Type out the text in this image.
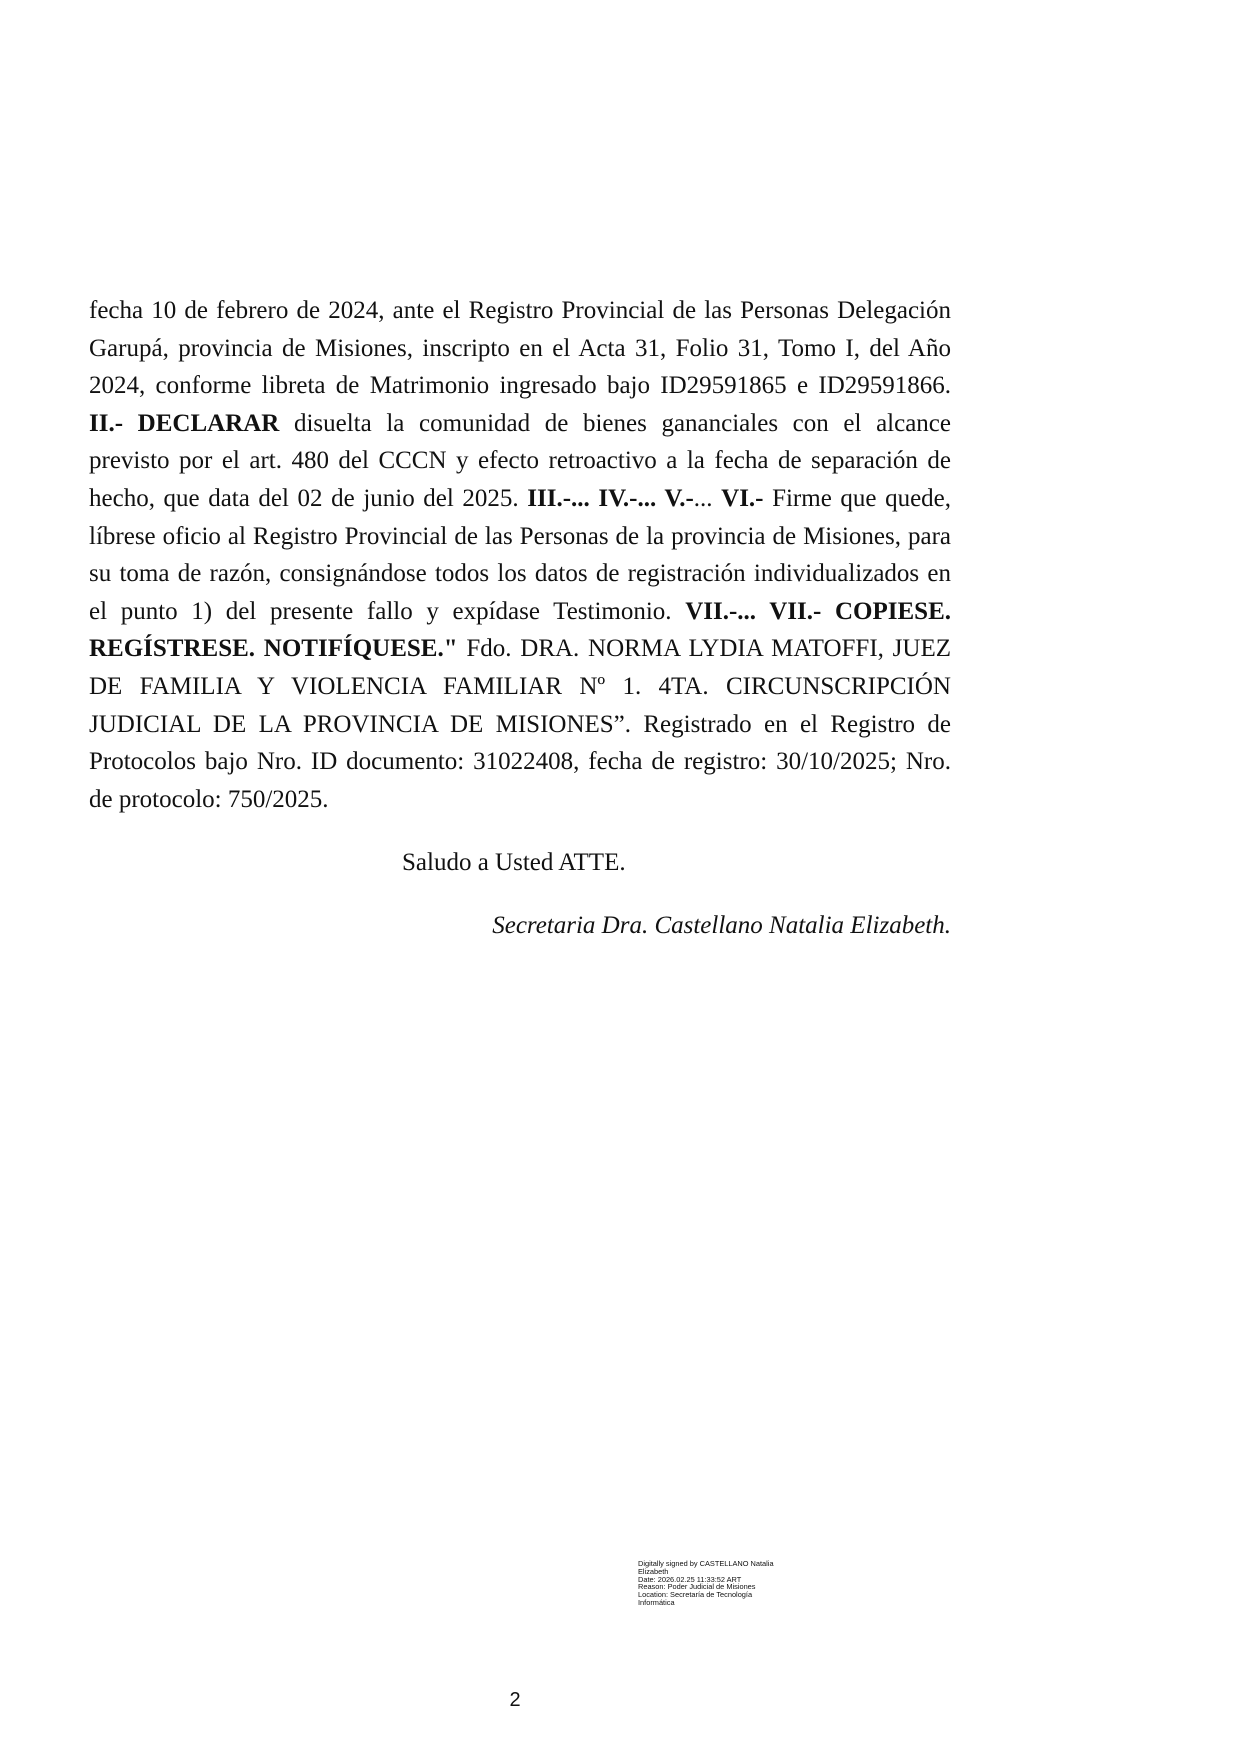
fecha 10 de febrero de 2024, ante el Registro Provincial de las Personas Delegación Garupá, provincia de Misiones, inscripto en el Acta 31, Folio 31, Tomo I, del Año 2024, conforme libreta de Matrimonio ingresado bajo ID29591865 e ID29591866. II.- DECLARAR disuelta la comunidad de bienes gananciales con el alcance previsto por el art. 480 del CCCN y efecto retroactivo a la fecha de separación de hecho, que data del 02 de junio del 2025. III.-... IV.-... V.-... VI.- Firme que quede, líbrese oficio al Registro Provincial de las Personas de la provincia de Misiones, para su toma de razón, consignándose todos los datos de registración individualizados en el punto 1) del presente fallo y expídase Testimonio. VII.-... VII.- COPIESE. REGÍSTRESE. NOTIFÍQUESE." Fdo. DRA. NORMA LYDIA MATOFFI, JUEZ DE FAMILIA Y VIOLENCIA FAMILIAR Nº 1. 4TA. CIRCUNSCRIPCIÓN JUDICIAL DE LA PROVINCIA DE MISIONES”. Registrado en el Registro de Protocolos bajo Nro. ID documento: 31022408, fecha de registro: 30/10/2025; Nro. de protocolo: 750/2025.

Saludo a Usted ATTE.

Secretaria Dra. Castellano Natalia Elizabeth.

Digitally signed by CASTELLANO Natalia
Elizabeth
Date: 2026.02.25 11:33:52 ART
Reason: Poder Judicial de Misiones
Location: Secretaría de Tecnología
Informática
2
